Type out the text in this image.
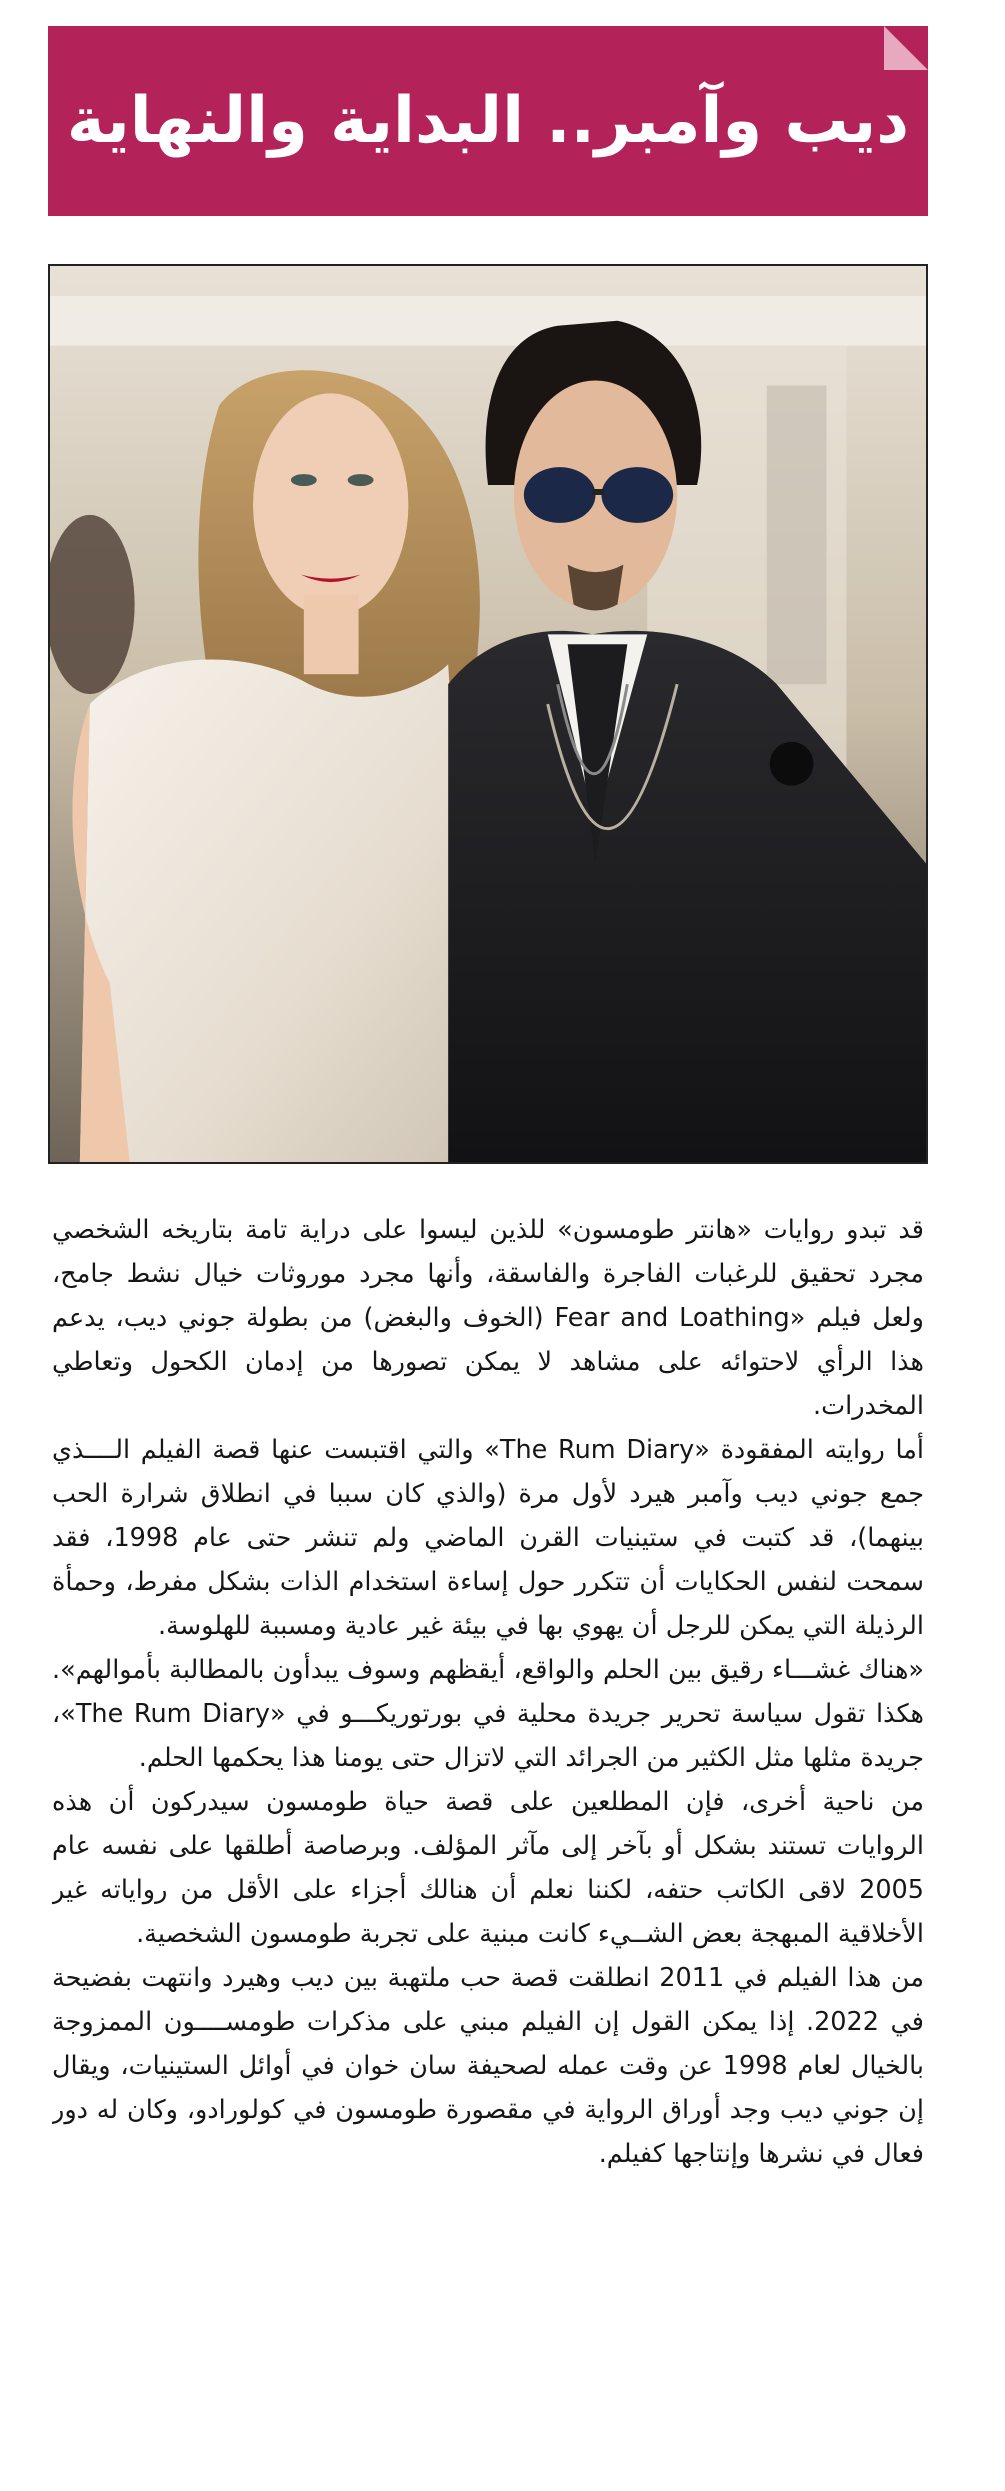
ديب وآمبر.. البداية والنهاية

قد تبدو روايات «هانتر طومسون» للذين ليسوا على دراية تامة بتاريخه الشخصي مجرد تحقيق للرغبات الفاجرة والفاسقة، وأنها مجرد موروثات خيال نشط جامح، ولعل فيلم «Fear and Loathing (الخوف والبغض) من بطولة جوني ديب، يدعم هذا الرأي لاحتوائه على مشاهد لا يمكن تصورها من إدمان الكحول وتعاطي المخدرات.

أما روايته المفقودة «The Rum Diary» والتي اقتبست عنها قصة الفيلم الــــذي جمع جوني ديب وآمبر هيرد لأول مرة (والذي كان سببا في انطلاق شرارة الحب بينهما)، قد كتبت في ستينيات القرن الماضي ولم تنشر حتى عام 1998، فقد سمحت لنفس الحكايات أن تتكرر حول إساءة استخدام الذات بشكل مفرط، وحمأة الرذيلة التي يمكن للرجل أن يهوي بها في بيئة غير عادية ومسببة للهلوسة.

«هناك غشـــاء رقيق بين الحلم والواقع، أيقظهم وسوف يبدأون بالمطالبة بأموالهم». هكذا تقول سياسة تحرير جريدة محلية في بورتوريكـــو في «The Rum Diary»، جريدة مثلها مثل الكثير من الجرائد التي لاتزال حتى يومنا هذا يحكمها الحلم.

من ناحية أخرى، فإن المطلعين على قصة حياة طومسون سيدركون أن هذه الروايات تستند بشكل أو بآخر إلى مآثر المؤلف. وبرصاصة أطلقها على نفسه عام 2005 لاقى الكاتب حتفه، لكننا نعلم أن هنالك أجزاء على الأقل من رواياته غير الأخلاقية المبهجة بعض الشــيء كانت مبنية على تجربة طومسون الشخصية.

من هذا الفيلم في 2011 انطلقت قصة حب ملتهبة بين ديب وهيرد وانتهت بفضيحة في 2022. إذا يمكن القول إن الفيلم مبني على مذكرات طومســــون الممزوجة بالخيال لعام 1998 عن وقت عمله لصحيفة سان خوان في أوائل الستينيات، ويقال إن جوني ديب وجد أوراق الرواية في مقصورة طومسون في كولورادو، وكان له دور فعال في نشرها وإنتاجها كفيلم.
